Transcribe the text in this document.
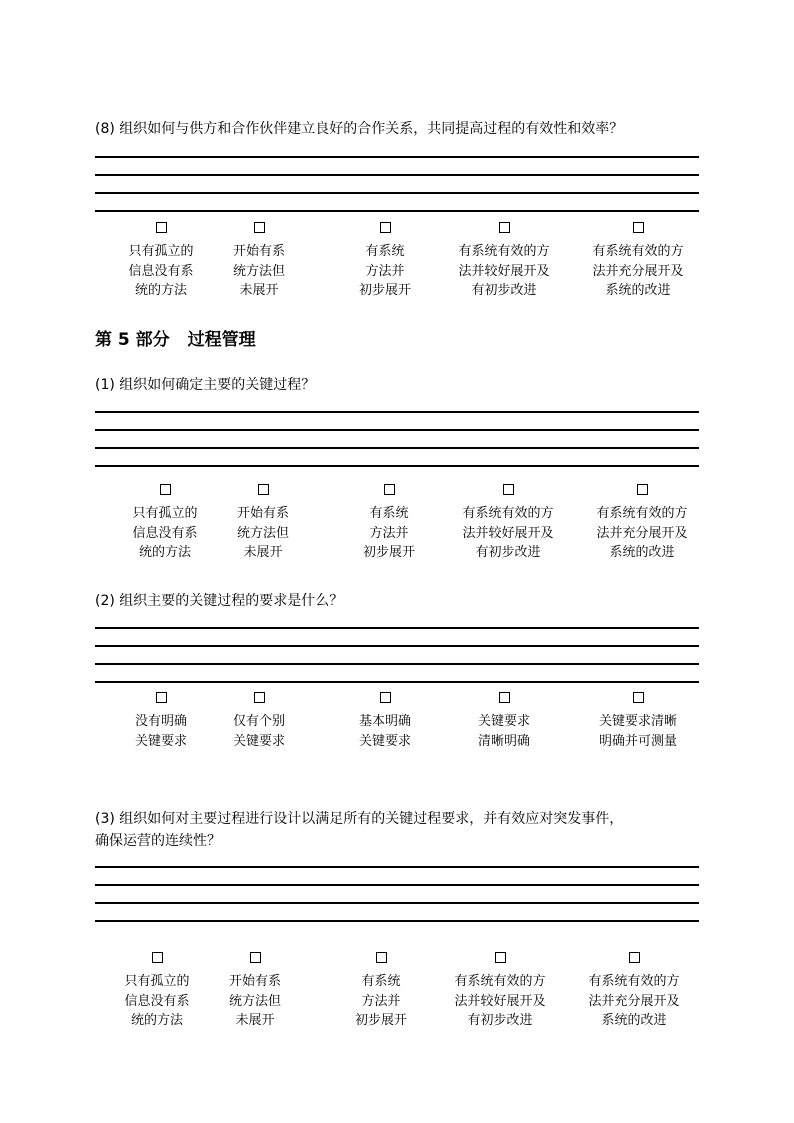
(8) 组织如何与供方和合作伙伴建立良好的合作关系，共同提高过程的有效性和效率？
只有孤立的
信息没有系
统的方法
开始有系
统方法但
未展开
有系统
方法并
初步展开
有系统有效的方
法并较好展开及
有初步改进
有系统有效的方
法并充分展开及
系统的改进
第 5 部分 过程管理
(1) 组织如何确定主要的关键过程？
只有孤立的
信息没有系
统的方法
开始有系
统方法但
未展开
有系统
方法并
初步展开
有系统有效的方
法并较好展开及
有初步改进
有系统有效的方
法并充分展开及
系统的改进
(2) 组织主要的关键过程的要求是什么？
没有明确
关键要求
仅有个别
关键要求
基本明确
关键要求
关键要求
清晰明确
关键要求清晰
明确并可测量
(3) 组织如何对主要过程进行设计以满足所有的关键过程要求，并有效应对突发事件，
确保运营的连续性？
只有孤立的
信息没有系
统的方法
开始有系
统方法但
未展开
有系统
方法并
初步展开
有系统有效的方
法并较好展开及
有初步改进
有系统有效的方
法并充分展开及
系统的改进
